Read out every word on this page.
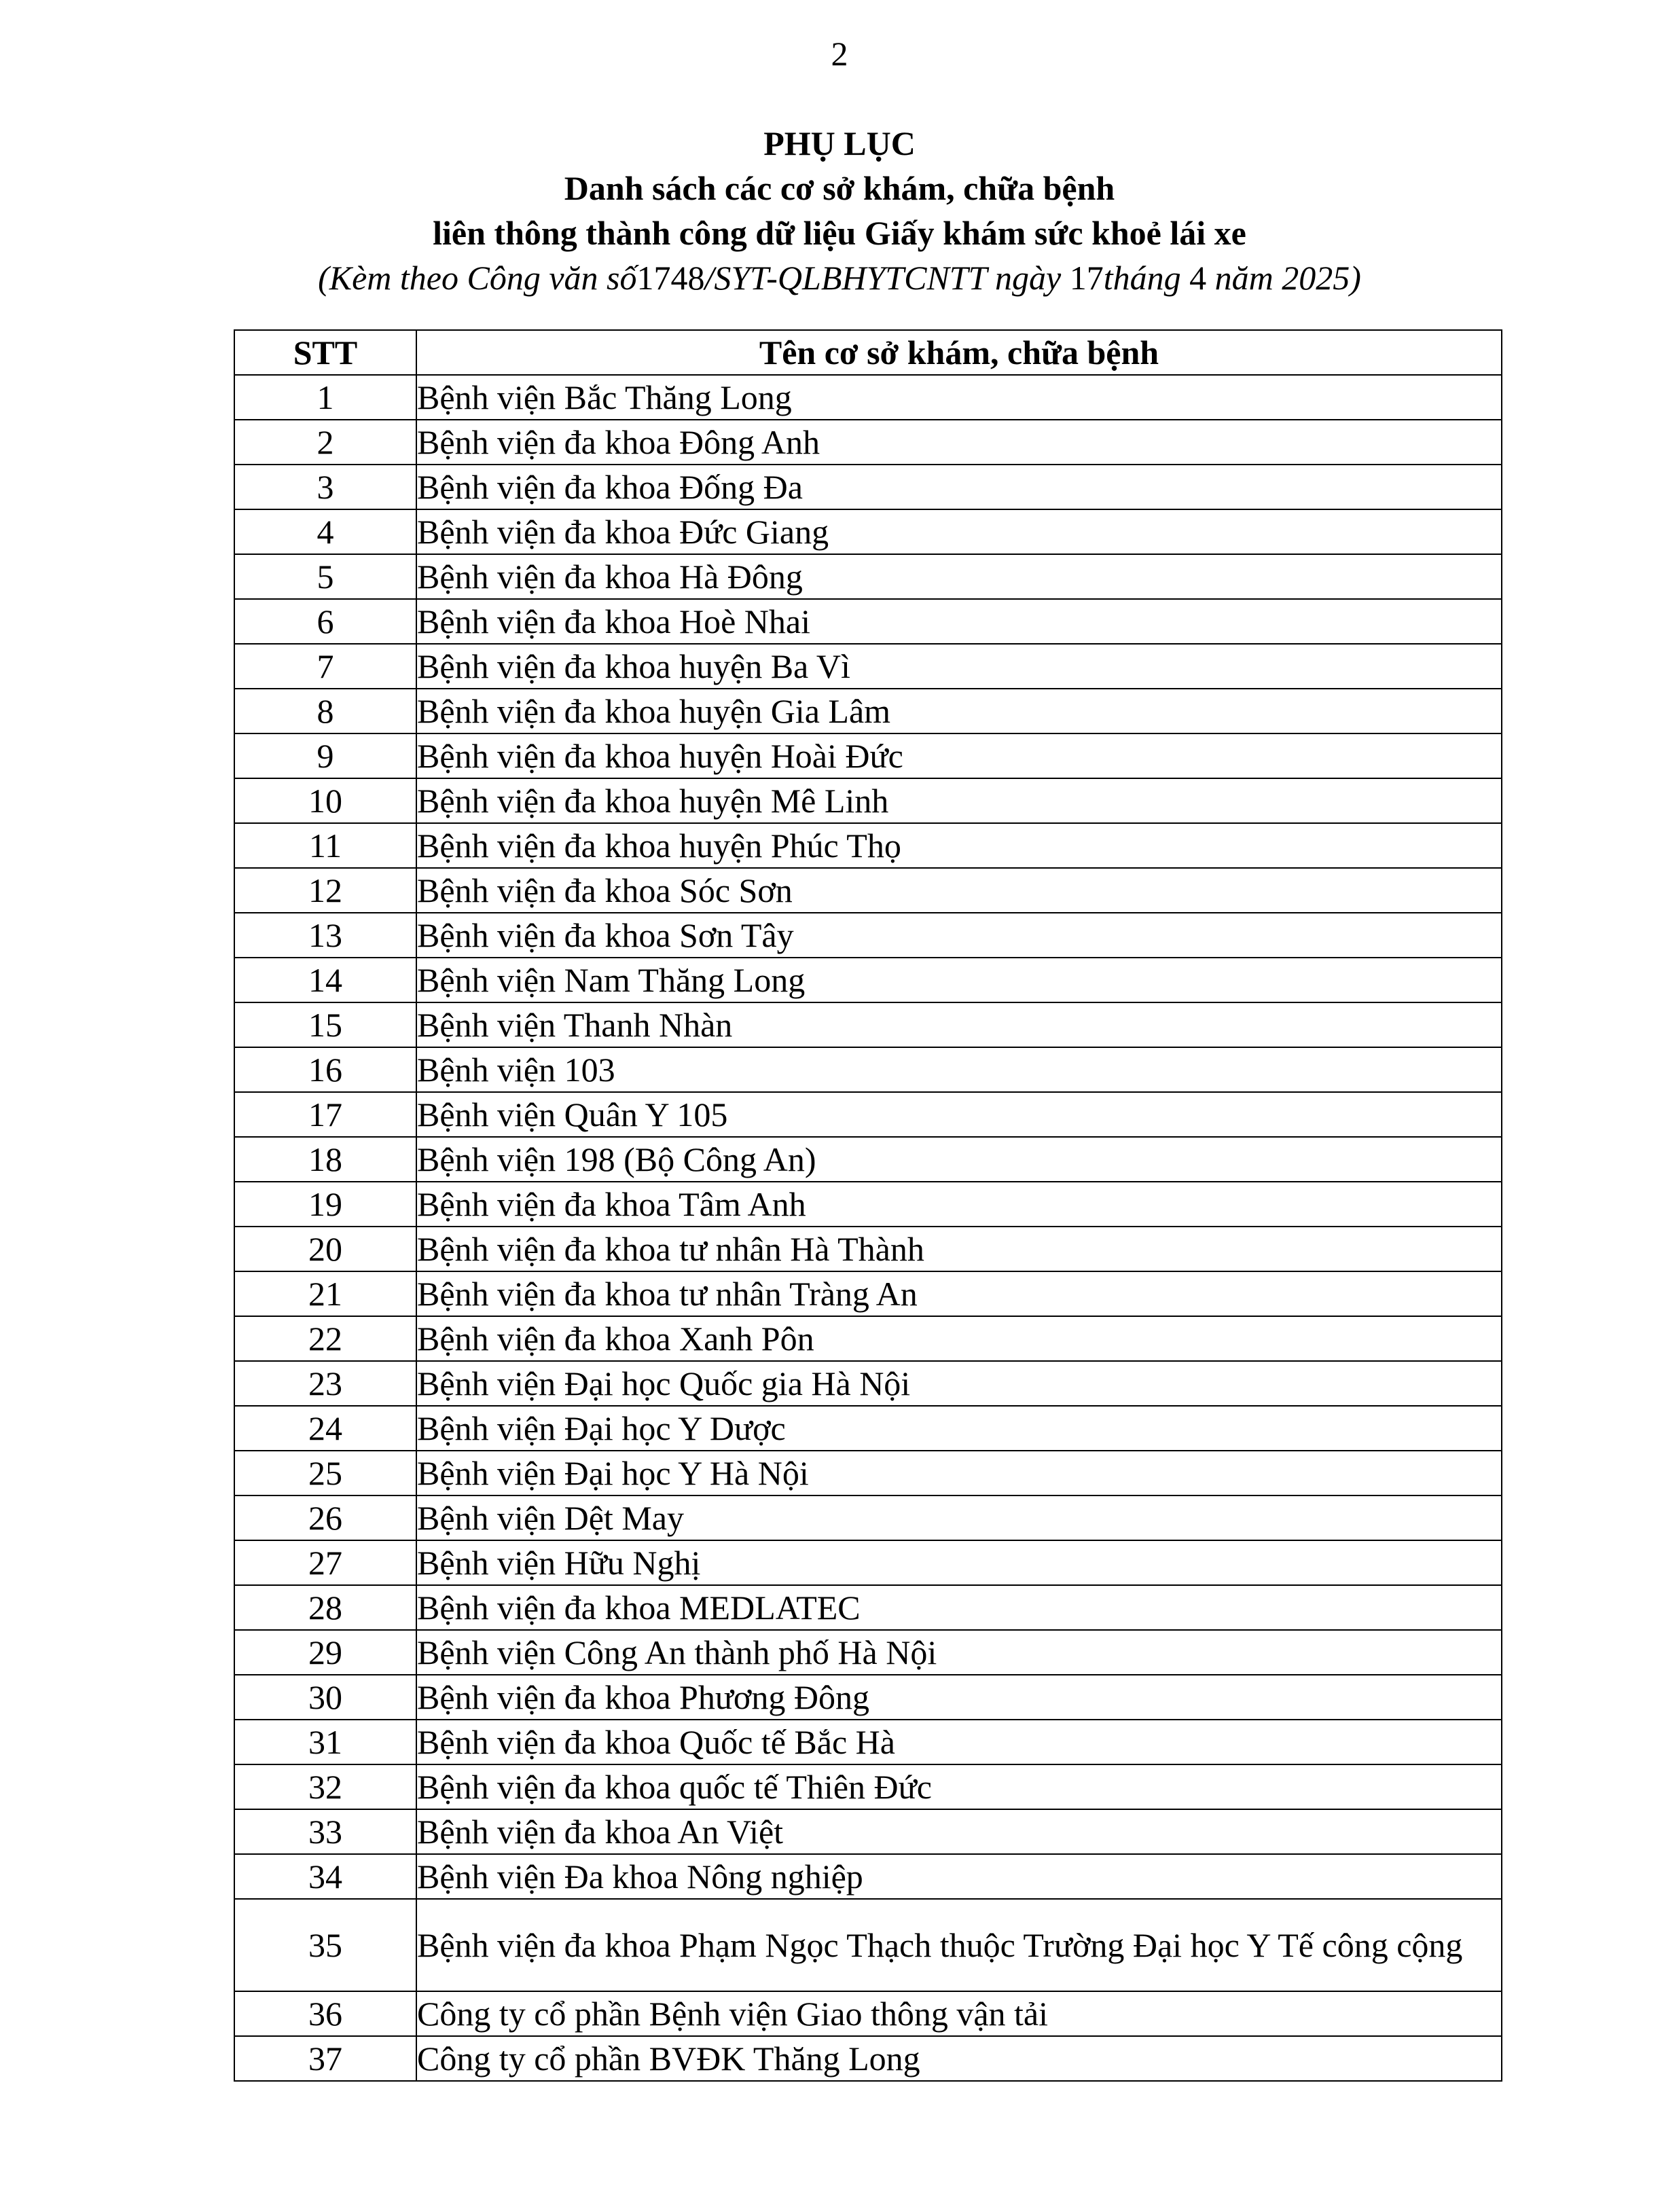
2
PHỤ LỤC
Danh sách các cơ sở khám, chữa bệnh
liên thông thành công dữ liệu Giấy khám sức khoẻ lái xe
(Kèm theo Công văn số1748/SYT-QLBHYTCNTT ngày 17tháng 4 năm 2025)
STT	Tên cơ sở khám, chữa bệnh
1	Bệnh viện Bắc Thăng Long
2	Bệnh viện đa khoa Đông Anh
3	Bệnh viện đa khoa Đống Đa
4	Bệnh viện đa khoa Đức Giang
5	Bệnh viện đa khoa Hà Đông
6	Bệnh viện đa khoa Hoè Nhai
7	Bệnh viện đa khoa huyện Ba Vì
8	Bệnh viện đa khoa huyện Gia Lâm
9	Bệnh viện đa khoa huyện Hoài Đức
10	Bệnh viện đa khoa huyện Mê Linh
11	Bệnh viện đa khoa huyện Phúc Thọ
12	Bệnh viện đa khoa Sóc Sơn
13	Bệnh viện đa khoa Sơn Tây
14	Bệnh viện Nam Thăng Long
15	Bệnh viện Thanh Nhàn
16	Bệnh viện 103
17	Bệnh viện Quân Y 105
18	Bệnh viện 198 (Bộ Công An)
19	Bệnh viện đa khoa Tâm Anh
20	Bệnh viện đa khoa tư nhân Hà Thành
21	Bệnh viện đa khoa tư nhân Tràng An
22	Bệnh viện đa khoa Xanh Pôn
23	Bệnh viện Đại học Quốc gia Hà Nội
24	Bệnh viện Đại học Y Dược
25	Bệnh viện Đại học Y Hà Nội
26	Bệnh viện Dệt May
27	Bệnh viện Hữu Nghị
28	Bệnh viện đa khoa MEDLATEC
29	Bệnh viện Công An thành phố Hà Nội
30	Bệnh viện đa khoa Phương Đông
31	Bệnh viện đa khoa Quốc tế Bắc Hà
32	Bệnh viện đa khoa quốc tế Thiên Đức
33	Bệnh viện đa khoa An Việt
34	Bệnh viện Đa khoa Nông nghiệp
35	Bệnh viện đa khoa Phạm Ngọc Thạch thuộc Trường Đại học Y Tế công cộng
36	Công ty cổ phần Bệnh viện Giao thông vận tải
37	Công ty cổ phần BVĐK Thăng Long
